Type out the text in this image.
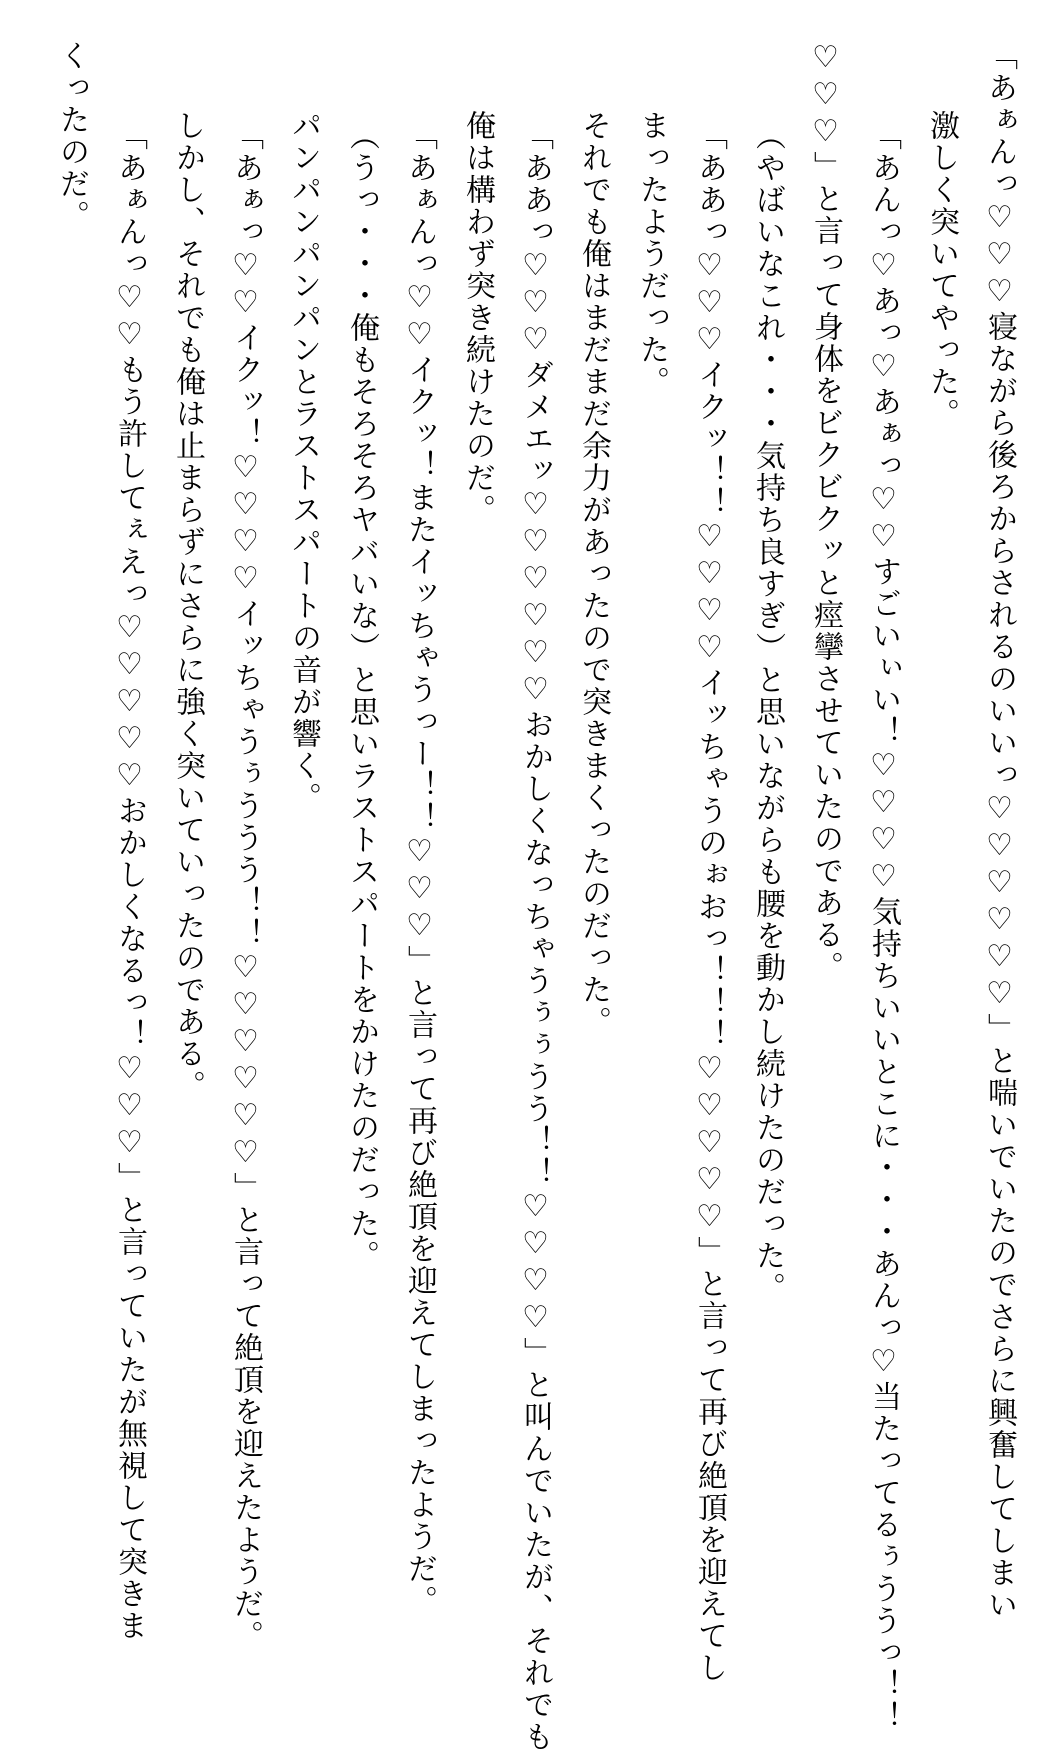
「あぁんっ♡♡♡寝ながら後ろからされるのいいっ♡♡♡♡♡♡」と喘いでいたのでさらに興奮してしまい
激しく突いてやった。
「あんっ♡あっ♡あぁっ♡♡すごいぃい！♡♡♡♡気持ちいいとこに・・・あんっ♡当たってるぅううっ！！
♡♡♡」と言って身体をビクビクッと痙攣させていたのである。
（やばいなこれ・・・気持ち良すぎ）と思いながらも腰を動かし続けたのだった。
「ああっ♡♡♡イクッ！！♡♡♡♡イッちゃうのぉおっ！！！♡♡♡♡♡」と言って再び絶頂を迎えてし
まったようだった。
それでも俺はまだまだ余力があったので突きまくったのだった。
「ああっ♡♡♡ダメエッ♡♡♡♡♡♡おかしくなっちゃうぅぅうう！！♡♡♡♡」と叫んでいたが、それでも
俺は構わず突き続けたのだ。
「あぁんっ♡♡イクッ！またイッちゃうっー！！♡♡♡」と言って再び絶頂を迎えてしまったようだ。
（うっ・・・俺もそろそろヤバいな）と思いラストスパートをかけたのだった。
パンパンパンパンとラストスパートの音が響く。
「あぁっ♡♡イクッ！♡♡♡♡イッちゃうぅううう！！♡♡♡♡♡♡」と言って絶頂を迎えたようだ。
しかし、それでも俺は止まらずにさらに強く突いていったのである。
「あぁんっ♡♡もう許してぇえっ♡♡♡♡♡おかしくなるっ！♡♡♡」と言っていたが無視して突きま
くったのだ。
